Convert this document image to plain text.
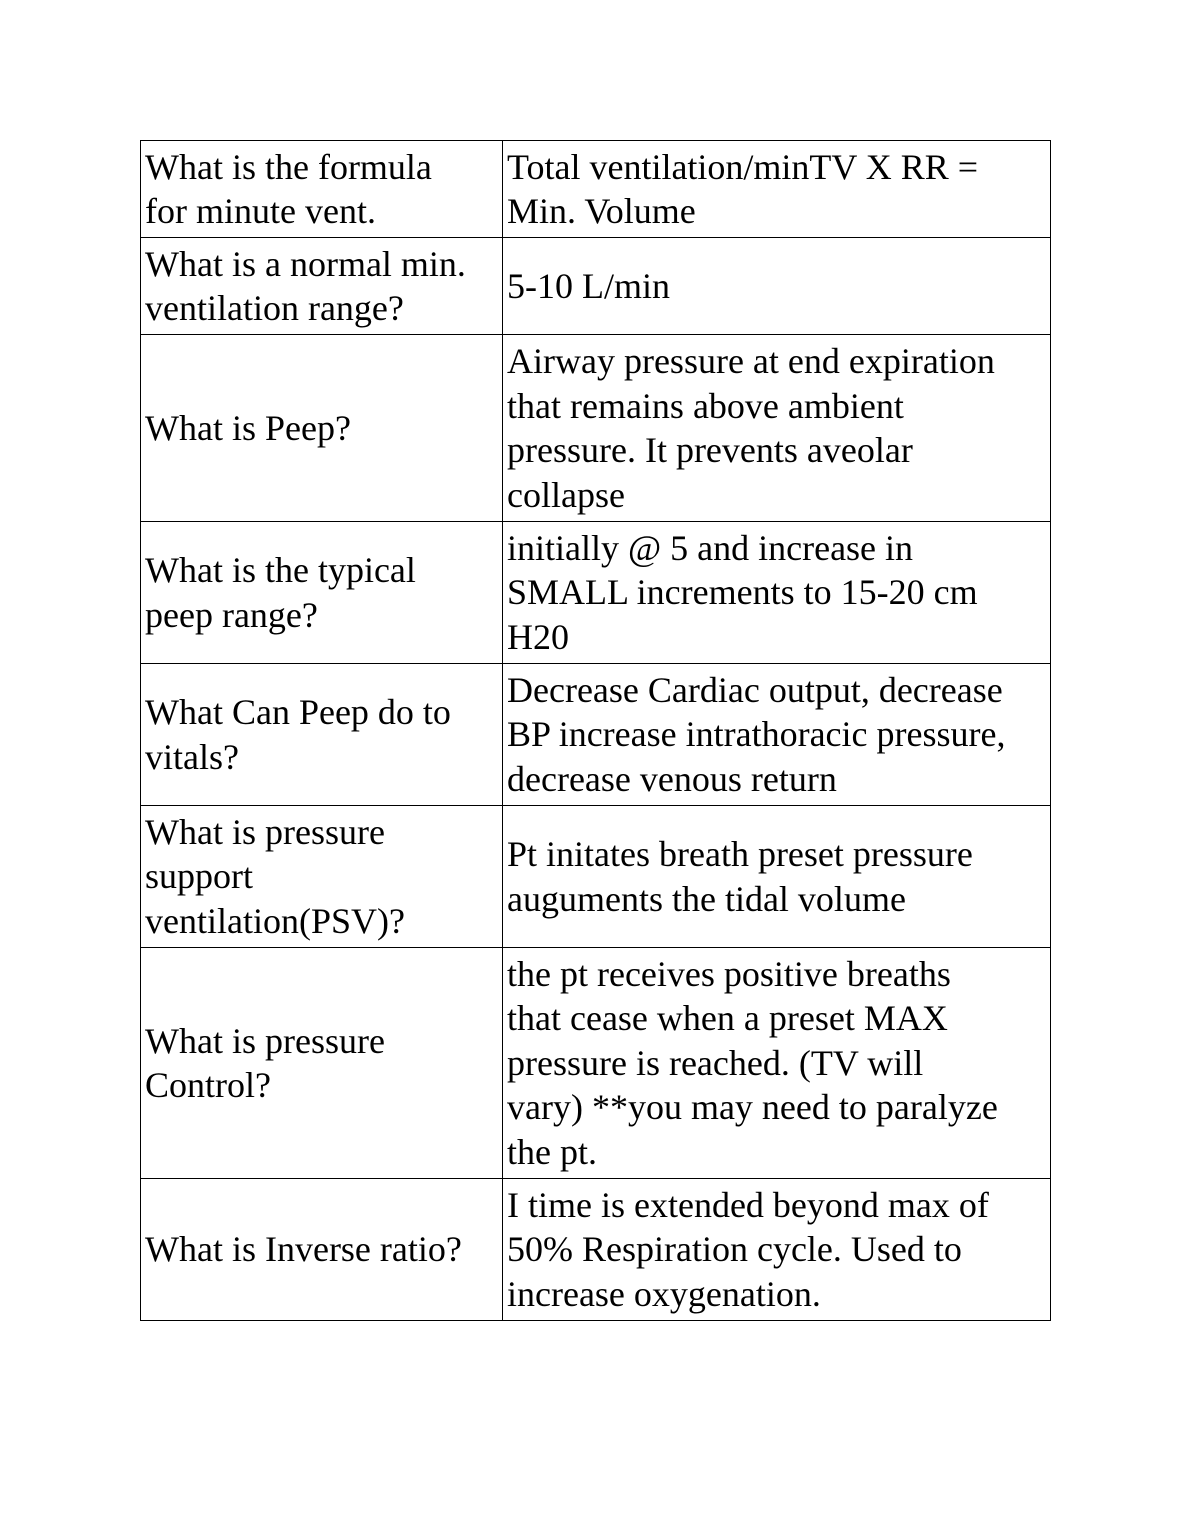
What is the formula
for minute vent.	Total ventilation/minTV X RR =
Min. Volume

What is a normal min.
ventilation range?	5-10 L/min

What is Peep?	Airway pressure at end expiration
that remains above ambient
pressure. It prevents aveolar
collapse

What is the typical
peep range?	initially @ 5 and increase in
SMALL increments to 15-20 cm
H20

What Can Peep do to
vitals?	Decrease Cardiac output, decrease
BP increase intrathoracic pressure,
decrease venous return

What is pressure
support
ventilation(PSV)?	Pt initates breath preset pressure
auguments the tidal volume

What is pressure
Control?	the pt receives positive breaths
that cease when a preset MAX
pressure is reached. (TV will
vary) **you may need to paralyze
the pt.

What is Inverse ratio?	I time is extended beyond max of
50% Respiration cycle. Used to
increase oxygenation.
